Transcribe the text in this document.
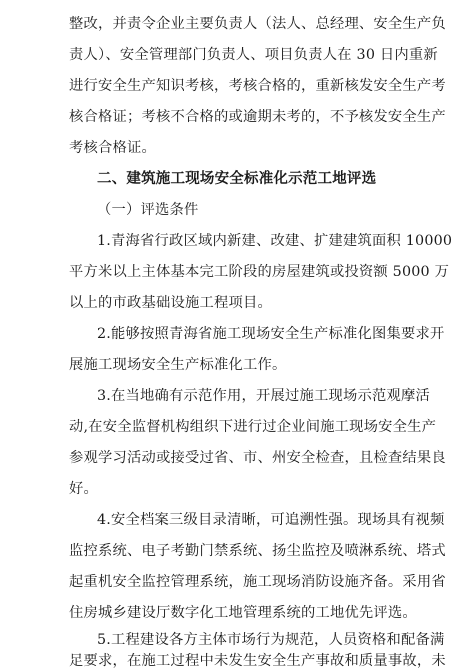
整改，并责令企业主要负责人（法人、总经理、安全生产负
责人）、安全管理部门负责人、项目负责人在 30 日内重新
进行安全生产知识考核，考核合格的，重新核发安全生产考
核合格证；考核不合格的或逾期未考的，不予核发安全生产
考核合格证。
二、建筑施工现场安全标准化示范工地评选
（一）评选条件
1.青海省行政区域内新建、改建、扩建建筑面积 10000
平方米以上主体基本完工阶段的房屋建筑或投资额 5000 万
以上的市政基础设施工程项目。
2.能够按照青海省施工现场安全生产标准化图集要求开
展施工现场安全生产标准化工作。
3.在当地确有示范作用，开展过施工现场示范观摩活
动,在安全监督机构组织下进行过企业间施工现场安全生产
参观学习活动或接受过省、市、州安全检查，且检查结果良
好。
4.安全档案三级目录清晰，可追溯性强。现场具有视频
监控系统、电子考勤门禁系统、扬尘监控及喷淋系统、塔式
起重机安全监控管理系统，施工现场消防设施齐备。采用省
住房城乡建设厅数字化工地管理系统的工地优先评选。
5.工程建设各方主体市场行为规范，人员资格和配备满
足要求，在施工过程中未发生安全生产事故和质量事故，未
